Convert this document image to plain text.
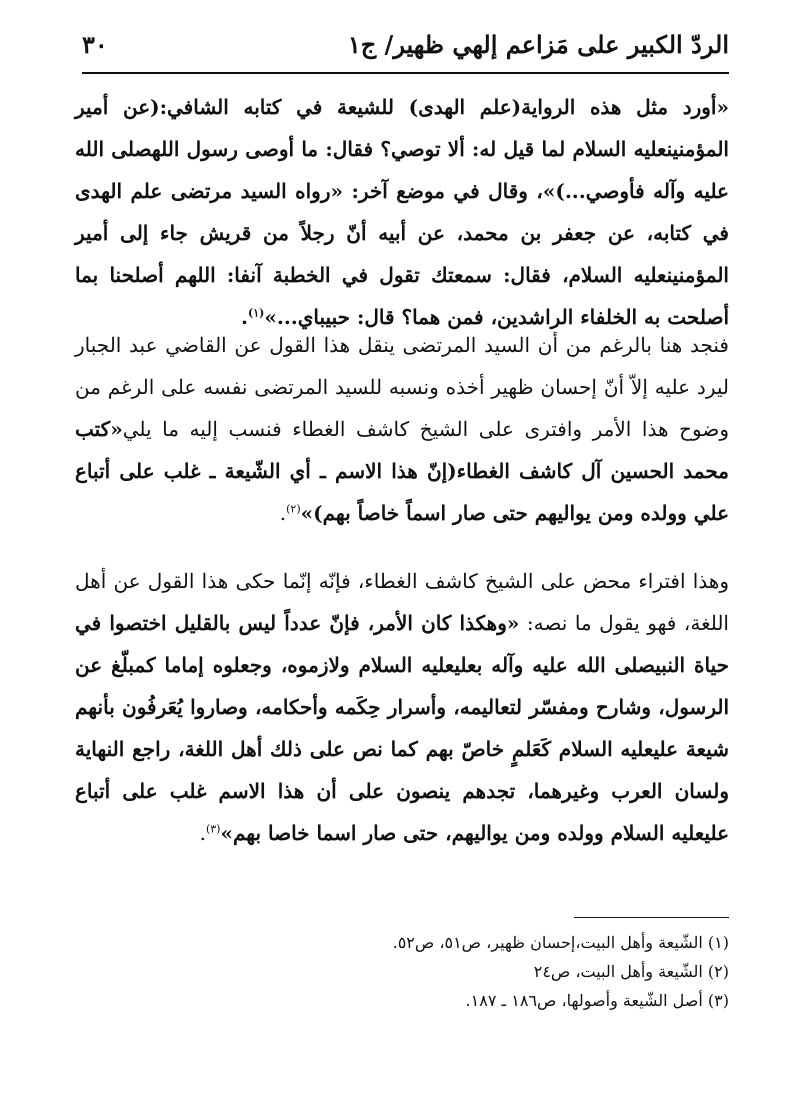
الردّ الكبير على مَزاعم إلهي ظهير/ ج١
٣٠
«أورد مثل هذه الرواية(علم الهدى) للشيعة في كتابه الشافي:(عن أمير المؤمنينعليه السلام لما قيل له: ألا توصي؟ فقال: ما أوصى رسول اللهصلى الله عليه وآله فأوصي...)»، وقال في موضع آخر: «رواه السيد مرتضى علم الهدى في كتابه، عن جعفر بن محمد، عن أبيه أنّ رجلاً من قريش جاء إلى أمير المؤمنينعليه السلام، فقال: سمعتك تقول في الخطبة آنفا: اللهم أصلحنا بما أصلحت به الخلفاء الراشدين، فمن هما؟ قال: حبيباي...»$^{(١)}$.
فنجد هنا بالرغم من أن السيد المرتضى ينقل هذا القول عن القاضي عبد الجبار ليرد عليه إلاّ أنّ إحسان ظهير أخذه ونسبه للسيد المرتضى نفسه على الرغم من وضوح هذا الأمر وافترى على الشيخ كاشف الغطاء فنسب إليه ما يلي«كتب محمد الحسين آل كاشف الغطاء(إنّ هذا الاسم ـ أي الشّيعة ـ غلب على أتباع علي وولده ومن يواليهم حتى صار اسماً خاصاً بهم)»$^{(٢)}$.
وهذا افتراء محض على الشيخ كاشف الغطاء، فإنّه إنّما حكى هذا القول عن أهل اللغة، فهو يقول ما نصه: «وهكذا كان الأمر، فإنّ عدداً ليس بالقليل اختصوا في حياة النبيصلى الله عليه وآله بعليعليه السلام ولازموه، وجعلوه إماما كمبلّغ عن الرسول، وشارح ومفسّر لتعاليمه، وأسرار حِكَمه وأحكامه، وصاروا يُعَرفُون بأنهم شيعة عليعليه السلام كَعَلمٍ خاصّ بهم كما نص على ذلك أهل اللغة، راجع النهاية ولسان العرب وغيرهما، تجدهم ينصون على أن هذا الاسم غلب على أتباع عليعليه السلام وولده ومن يواليهم، حتى صار اسما خاصا بهم»$^{(٣)}$.
(١) الشّيعة وأهل البيت،إحسان ظهير، ص٥١، ص٥٢.
(٢) الشّيعة وأهل البيت، ص٢٤
(٣) أصل الشّيعة وأصولها، ص١٨٦ ـ ١٨٧.
